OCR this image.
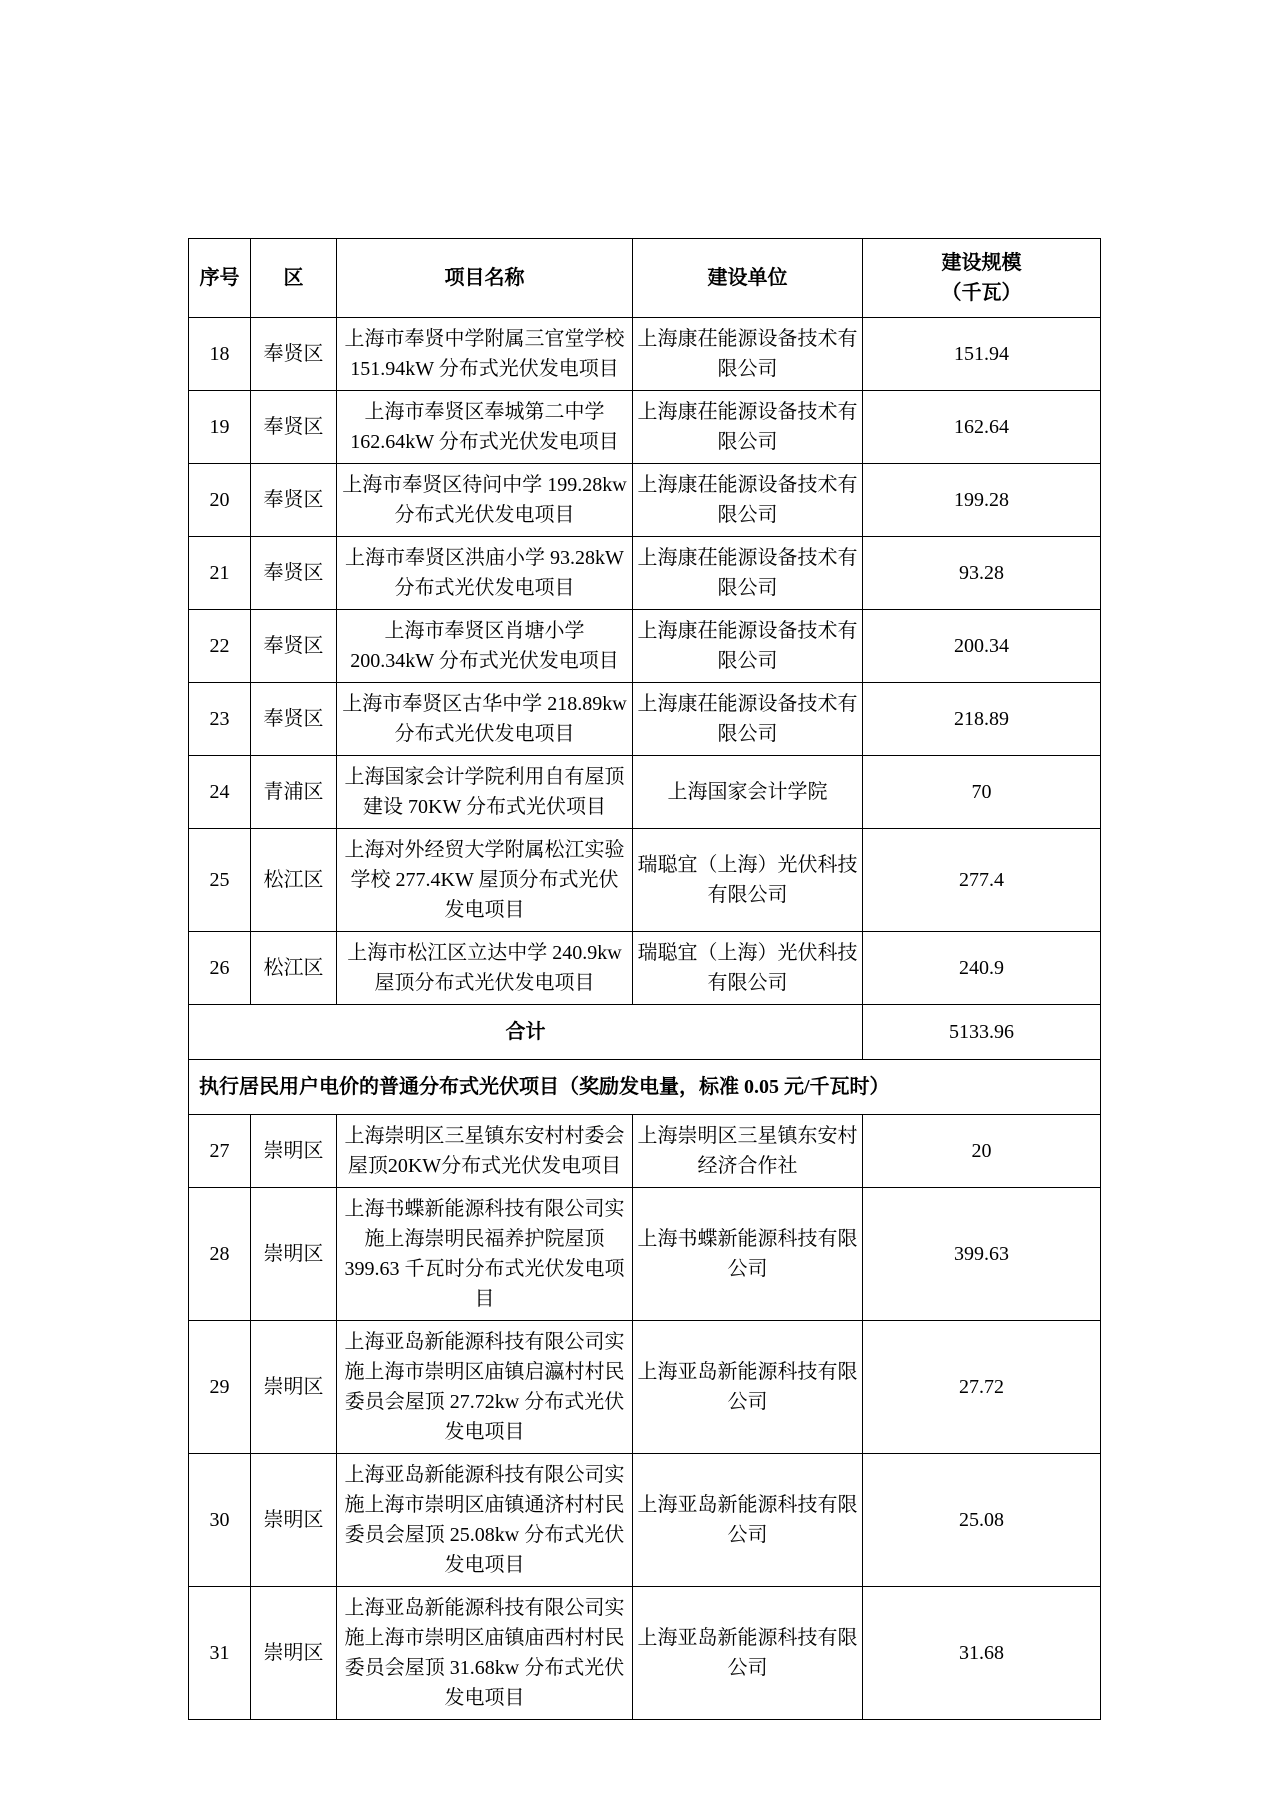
序号	区	项目名称	建设单位	建设规模
（千瓦）
18	奉贤区	上海市奉贤中学附属三官堂学校 151.94kW 分布式光伏发电项目	上海康茌能源设备技术有限公司	151.94
19	奉贤区	上海市奉贤区奉城第二中学 162.64kW 分布式光伏发电项目	上海康茌能源设备技术有限公司	162.64
20	奉贤区	上海市奉贤区待问中学 199.28kw 分布式光伏发电项目	上海康茌能源设备技术有限公司	199.28
21	奉贤区	上海市奉贤区洪庙小学 93.28kW 分布式光伏发电项目	上海康茌能源设备技术有限公司	93.28
22	奉贤区	上海市奉贤区肖塘小学 200.34kW 分布式光伏发电项目	上海康茌能源设备技术有限公司	200.34
23	奉贤区	上海市奉贤区古华中学 218.89kw 分布式光伏发电项目	上海康茌能源设备技术有限公司	218.89
24	青浦区	上海国家会计学院利用自有屋顶建设 70KW 分布式光伏项目	上海国家会计学院	70
25	松江区	上海对外经贸大学附属松江实验学校 277.4KW 屋顶分布式光伏发电项目	瑞聪宜（上海）光伏科技有限公司	277.4
26	松江区	上海市松江区立达中学 240.9kw 屋顶分布式光伏发电项目	瑞聪宜（上海）光伏科技有限公司	240.9
合计				5133.96
执行居民用户电价的普通分布式光伏项目（奖励发电量，标准 0.05 元/千瓦时）				
27	崇明区	上海崇明区三星镇东安村村委会屋顶20KW分布式光伏发电项目	上海崇明区三星镇东安村经济合作社	20
28	崇明区	上海书蝶新能源科技有限公司实施上海崇明民福养护院屋顶399.63 千瓦时分布式光伏发电项目	上海书蝶新能源科技有限公司	399.63
29	崇明区	上海亚岛新能源科技有限公司实施上海市崇明区庙镇启瀛村村民委员会屋顶 27.72kw 分布式光伏发电项目	上海亚岛新能源科技有限公司	27.72
30	崇明区	上海亚岛新能源科技有限公司实施上海市崇明区庙镇通济村村民委员会屋顶 25.08kw 分布式光伏发电项目	上海亚岛新能源科技有限公司	25.08
31	崇明区	上海亚岛新能源科技有限公司实施上海市崇明区庙镇庙西村村民委员会屋顶 31.68kw 分布式光伏发电项目	上海亚岛新能源科技有限公司	31.68
